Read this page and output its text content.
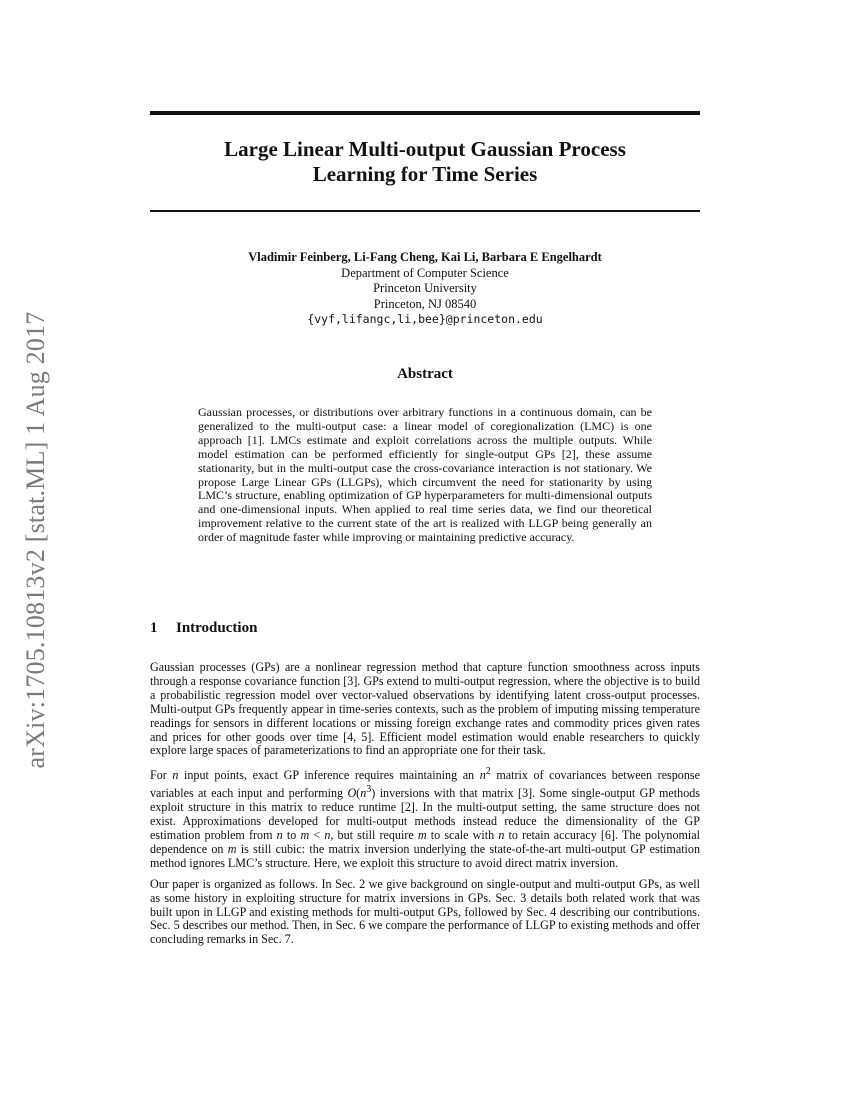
arXiv:1705.10813v2 [stat.ML] 1 Aug 2017
Large Linear Multi-output Gaussian Process
Learning for Time Series
Vladimir Feinberg, Li-Fang Cheng, Kai Li, Barbara E Engelhardt
Department of Computer Science
Princeton University
Princeton, NJ 08540
{vyf,lifangc,li,bee}@princeton.edu
Abstract

Gaussian processes, or distributions over arbitrary functions in a continuous domain, can be generalized to the multi-output case: a linear model of coregionalization (LMC) is one approach [1]. LMCs estimate and exploit correlations across the multiple outputs. While model estimation can be performed efficiently for single-output GPs [2], these assume stationarity, but in the multi-output case the cross-covariance interaction is not stationary. We propose Large Linear GPs (LLGPs), which circumvent the need for stationarity by using LMC’s structure, enabling optimization of GP hyperparameters for multi-dimensional outputs and one-dimensional inputs. When applied to real time series data, we find our theoretical improvement relative to the current state of the art is realized with LLGP being generally an order of magnitude faster while improving or maintaining predictive accuracy.

1 Introduction

Gaussian processes (GPs) are a nonlinear regression method that capture function smoothness across inputs through a response covariance function [3]. GPs extend to multi-output regression, where the objective is to build a probabilistic regression model over vector-valued observations by identifying latent cross-output processes. Multi-output GPs frequently appear in time-series contexts, such as the problem of imputing missing temperature readings for sensors in different locations or missing foreign exchange rates and commodity prices given rates and prices for other goods over time [4, 5]. Efficient model estimation would enable researchers to quickly explore large spaces of parameterizations to find an appropriate one for their task.

For n input points, exact GP inference requires maintaining an $n^2$ matrix of covariances between response variables at each input and performing $O(n^3)$ inversions with that matrix [3]. Some single-output GP methods exploit structure in this matrix to reduce runtime [2]. In the multi-output setting, the same structure does not exist. Approximations developed for multi-output methods instead reduce the dimensionality of the GP estimation problem from n to m < n, but still require m to scale with n to retain accuracy [6]. The polynomial dependence on m is still cubic: the matrix inversion underlying the state-of-the-art multi-output GP estimation method ignores LMC’s structure. Here, we exploit this structure to avoid direct matrix inversion.

Our paper is organized as follows. In Sec. 2 we give background on single-output and multi-output GPs, as well as some history in exploiting structure for matrix inversions in GPs. Sec. 3 details both related work that was built upon in LLGP and existing methods for multi-output GPs, followed by Sec. 4 describing our contributions. Sec. 5 describes our method. Then, in Sec. 6 we compare the performance of LLGP to existing methods and offer concluding remarks in Sec. 7.
